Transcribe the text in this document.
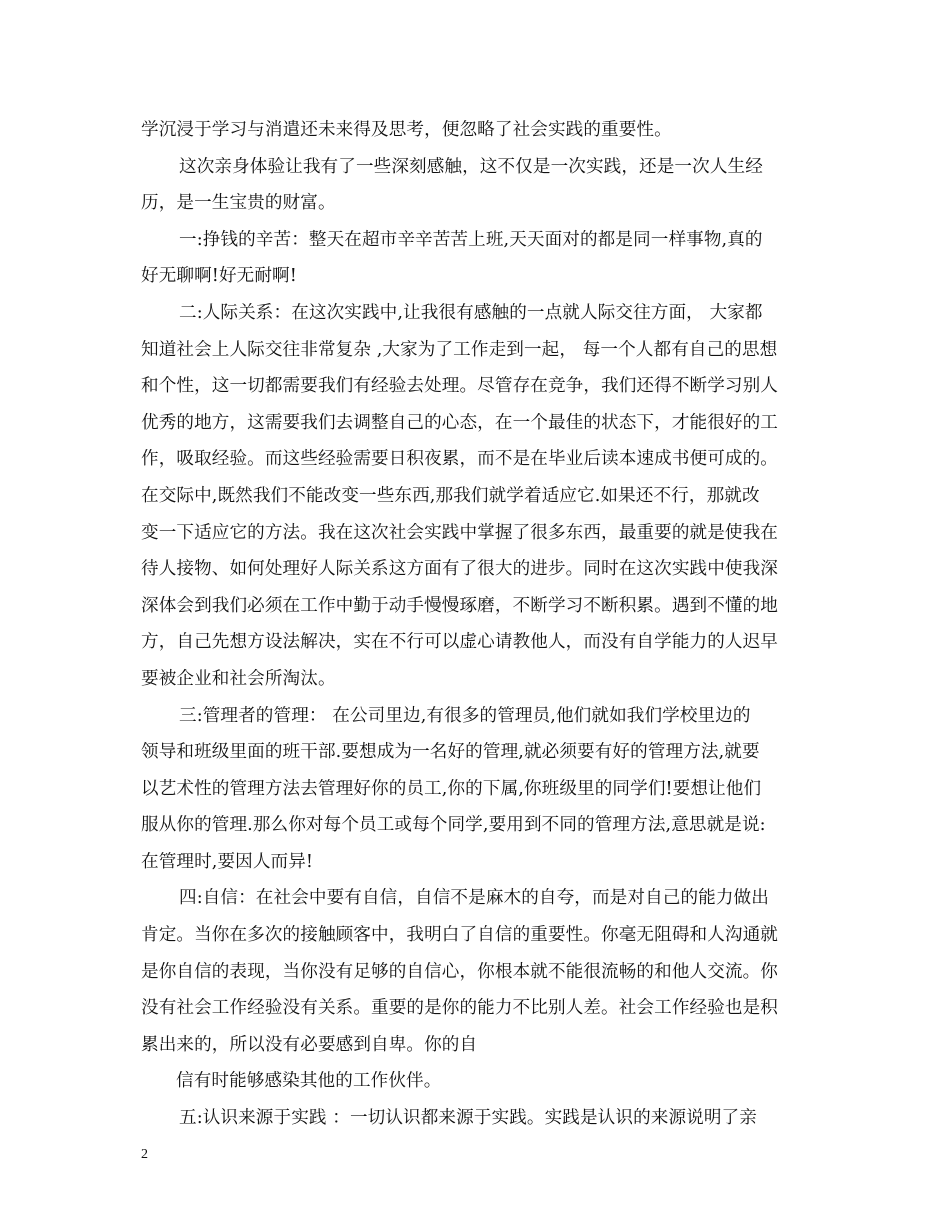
学沉浸于学习与消遣还未来得及思考，便忽略了社会实践的重要性。
这次亲身体验让我有了一些深刻感触，这不仅是一次实践，还是一次人生经
历，是一生宝贵的财富。
一:挣钱的辛苦：整天在超市辛辛苦苦上班,天天面对的都是同一样事物,真的
好无聊啊!好无耐啊!
二:人际关系：在这次实践中,让我很有感触的一点就人际交往方面， 大家都
知道社会上人际交往非常复杂 ,大家为了工作走到一起， 每一个人都有自己的思想
和个性，这一切都需要我们有经验去处理。尽管存在竞争，我们还得不断学习别人
优秀的地方，这需要我们去调整自己的心态，在一个最佳的状态下，才能很好的工
作，吸取经验。而这些经验需要日积夜累，而不是在毕业后读本速成书便可成的。
在交际中,既然我们不能改变一些东西,那我们就学着适应它.如果还不行，那就改
变一下适应它的方法。我在这次社会实践中掌握了很多东西，最重要的就是使我在
待人接物、如何处理好人际关系这方面有了很大的进步。同时在这次实践中使我深
深体会到我们必须在工作中勤于动手慢慢琢磨，不断学习不断积累。遇到不懂的地
方，自己先想方设法解决，实在不行可以虚心请教他人，而没有自学能力的人迟早
要被企业和社会所淘汰。
三:管理者的管理： 在公司里边,有很多的管理员,他们就如我们学校里边的
领导和班级里面的班干部.要想成为一名好的管理,就必须要有好的管理方法,就要
以艺术性的管理方法去管理好你的员工,你的下属,你班级里的同学们!要想让他们
服从你的管理.那么你对每个员工或每个同学,要用到不同的管理方法,意思就是说:
在管理时,要因人而异!
四:自信：在社会中要有自信，自信不是麻木的自夸，而是对自己的能力做出
肯定。当你在多次的接触顾客中，我明白了自信的重要性。你毫无阻碍和人沟通就
是你自信的表现，当你没有足够的自信心，你根本就不能很流畅的和他人交流。你
没有社会工作经验没有关系。重要的是你的能力不比别人差。社会工作经验也是积
累出来的，所以没有必要感到自卑。你的自
信有时能够感染其他的工作伙伴。
五:认识来源于实践 ：一切认识都来源于实践。实践是认识的来源说明了亲
2
